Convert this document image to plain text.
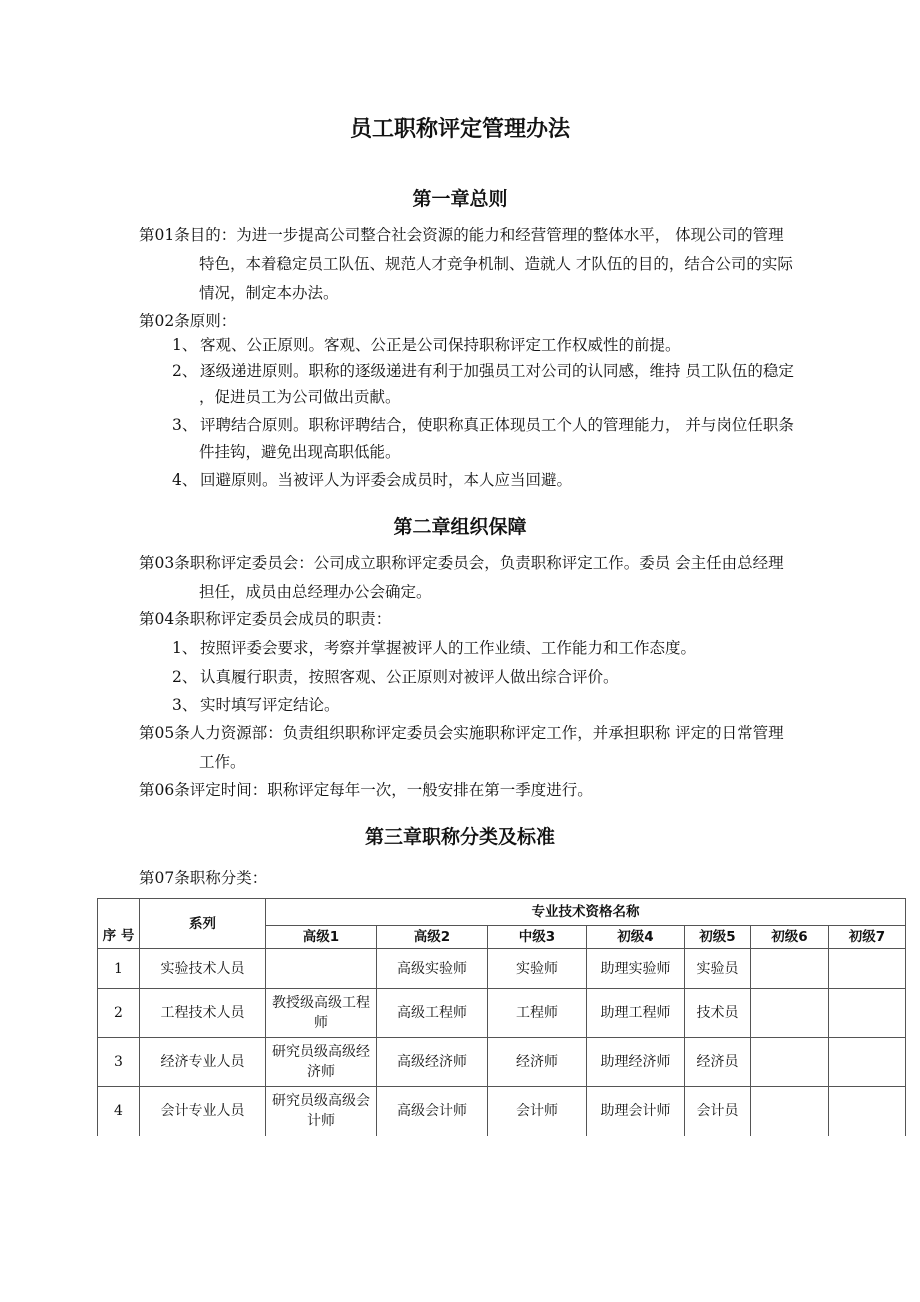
员工职称评定管理办法
第一章总则
第01条目的：为进一步提高公司整合社会资源的能力和经营管理的整体水平， 体现公司的管理
特色，本着稳定员工队伍、规范人才竞争机制、造就人 才队伍的目的，结合公司的实际
情况，制定本办法。
第02条原则：
1、 客观、公正原则。客观、公正是公司保持职称评定工作权威性的前提。
2、 逐级递进原则。职称的逐级递进有利于加强员工对公司的认同感，维持 员工队伍的稳定
，促进员工为公司做出贡献。
3、 评聘结合原则。职称评聘结合，使职称真正体现员工个人的管理能力， 并与岗位任职条
件挂钩，避免出现高职低能。
4、 回避原则。当被评人为评委会成员时，本人应当回避。
第二章组织保障
第03条职称评定委员会：公司成立职称评定委员会，负责职称评定工作。委员 会主任由总经理
担任，成员由总经理办公会确定。
第04条职称评定委员会成员的职责：
1、 按照评委会要求，考察并掌握被评人的工作业绩、工作能力和工作态度。
2、 认真履行职责，按照客观、公正原则对被评人做出综合评价。
3、 实时填写评定结论。
第05条人力资源部：负责组织职称评定委员会实施职称评定工作，并承担职称 评定的日常管理
工作。
第06条评定时间：职称评定每年一次，一般安排在第一季度进行。
第三章职称分类及标准
第07条职称分类：
序 号	系列	专业技术资格名称						
		高级1	高级2	中级3	初级4	初级5	初级6	初级7
1	实验技术人员		高级实验师	实验师	助理实验师	实验员		
2	工程技术人员	教授级高级工程师	高级工程师	工程师	助理工程师	技术员		
3	经济专业人员	研究员级高级经济师	高级经济师	经济师	助理经济师	经济员		
4	会计专业人员	研究员级高级会计师	高级会计师	会计师	助理会计师	会计员		
